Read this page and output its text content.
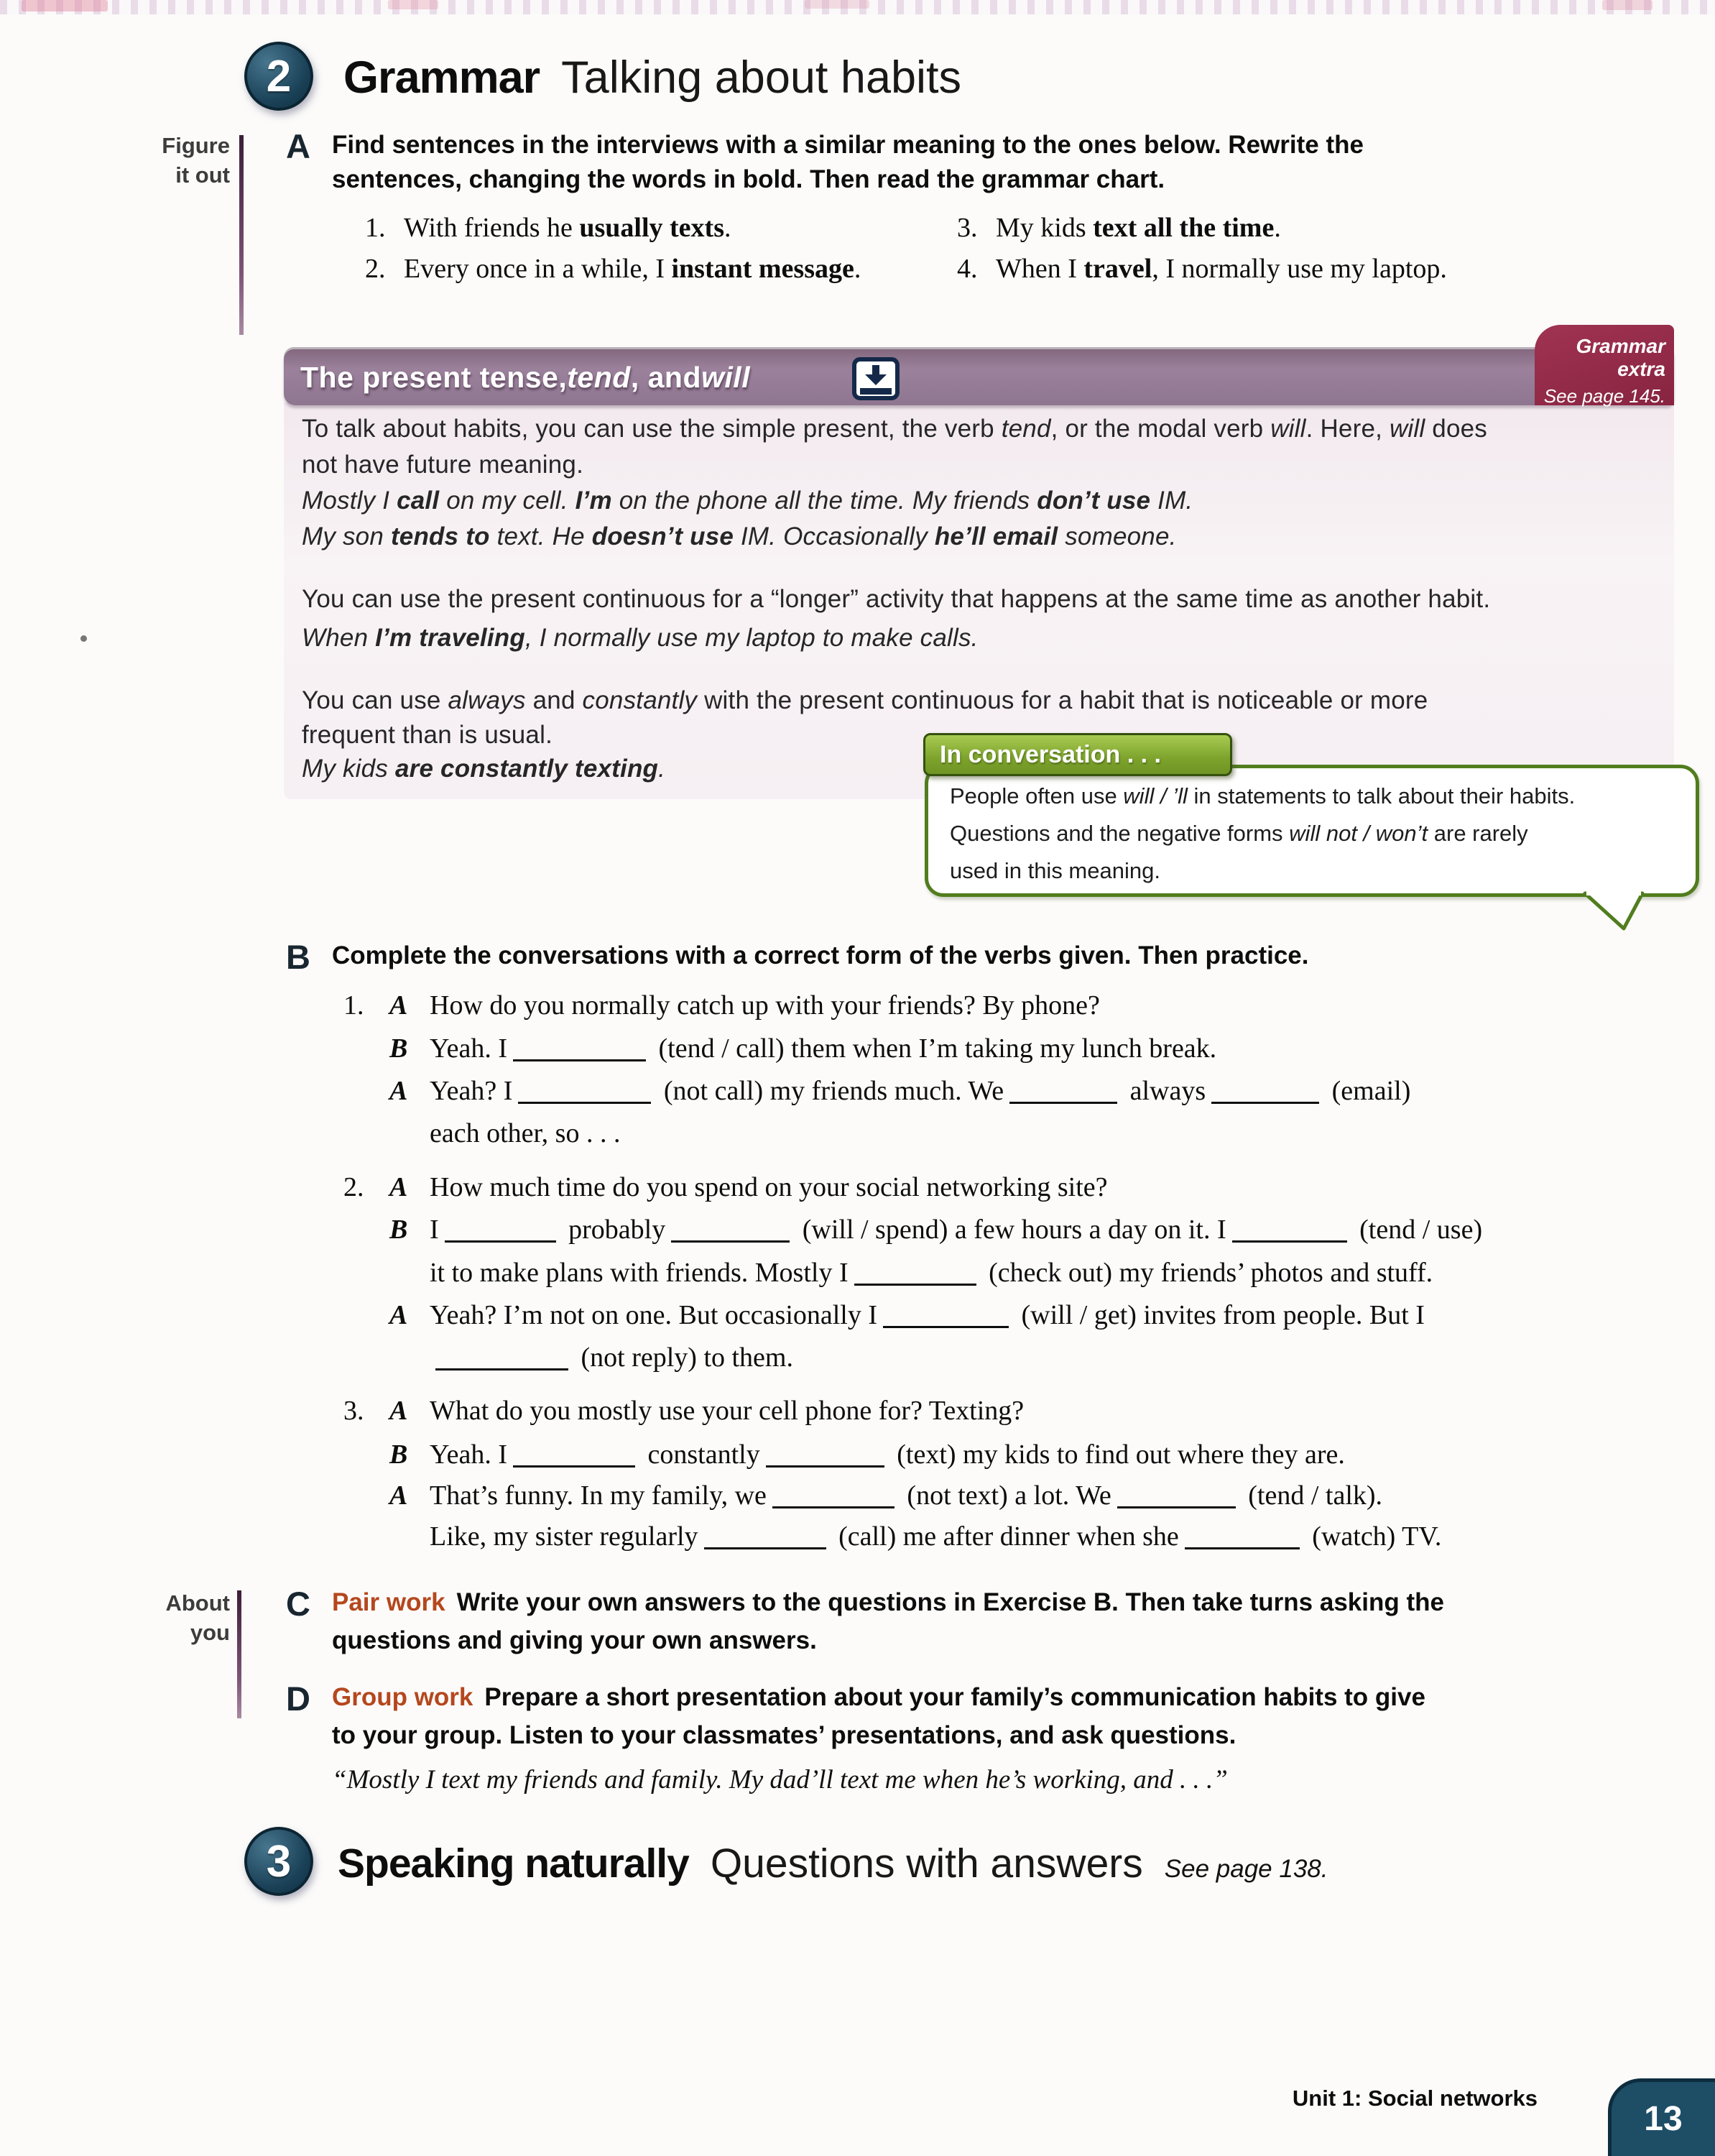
2 Grammar Talking about habits
Figure
it out
About
you
A Find sentences in the interviews with a similar meaning to the ones below. Rewrite the
sentences, changing the words in bold. Then read the grammar chart.
1. With friends he usually texts.
2. Every once in a while, I instant message.
3. My kids text all the time.
4. When I travel, I normally use my laptop.
The present tense, tend , and will
Grammar extra
See page 145.
To talk about habits, you can use the simple present, the verb tend, or the modal verb will. Here, will does
not have future meaning.
Mostly I call on my cell. I’m on the phone all the time. My friends don’t use IM.
My son tends to text. He doesn’t use IM. Occasionally he’ll email someone.
You can use the present continuous for a “longer” activity that happens at the same time as another habit.
When I’m traveling, I normally use my laptop to make calls.
You can use always and constantly with the present continuous for a habit that is noticeable or more
frequent than is usual.
My kids are constantly texting.
In conversation . . .
People often use will / ’ll in statements to talk about their habits.
Questions and the negative forms will not / won’t are rarely
used in this meaning.
B Complete the conversations with a correct form of the verbs given. Then practice.
1. A How do you normally catch up with your friends? By phone?
B Yeah. I	(tend / call) them when I’m taking my lunch break.
A Yeah? I	(not call) my friends much. We	always	(email)
each other, so . . .
2. A How much time do you spend on your social networking site?
B I	probably	(will / spend) a few hours a day on it. I	(tend / use)
it to make plans with friends. Mostly I	(check out) my friends’ photos and stuff.
A Yeah? I’m not on one. But occasionally I	(will / get) invites from people. But I
(not reply) to them.
3. A What do you mostly use your cell phone for? Texting?
B Yeah. I	constantly	(text) my kids to find out where they are.
A That’s funny. In my family, we	(not text) a lot. We	(tend / talk).
Like, my sister regularly	(call) me after dinner when she	(watch) TV.
C Pair work Write your own answers to the questions in Exercise B. Then take turns asking the
questions and giving your own answers.
D Group work Prepare a short presentation about your family’s communication habits to give
to your group. Listen to your classmates’ presentations, and ask questions.
“Mostly I text my friends and family. My dad’ll text me when he’s working, and . . .”
3 Speaking naturally Questions with answers See page 138.
Unit 1: Social networks
13
